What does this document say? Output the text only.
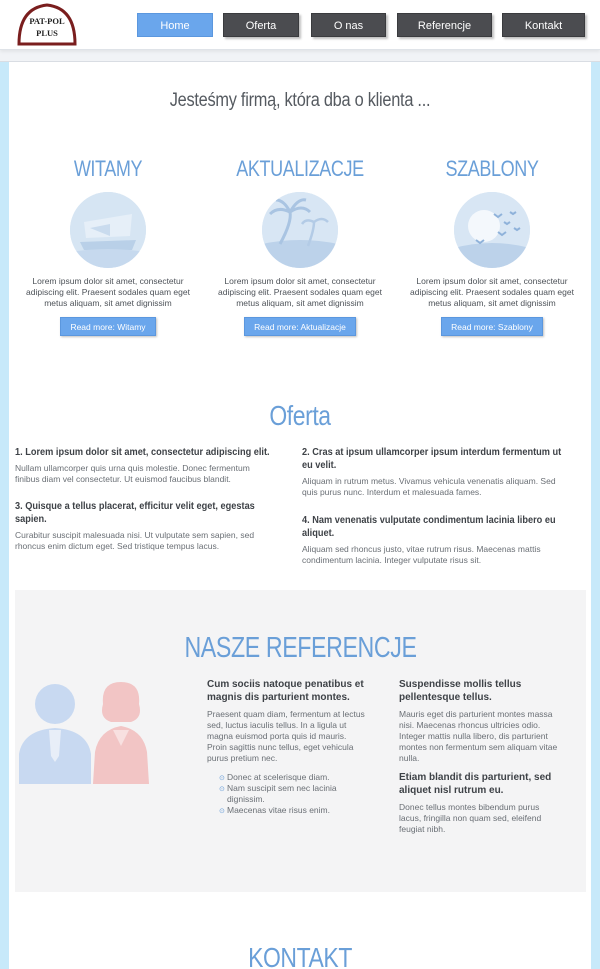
PAT-POL
PLUS
Home	Oferta	O nas	Referencje	Kontakt
Jesteśmy firmą, która dba o klienta ...
WITAMY
Lorem ipsum dolor sit amet, consectetur adipiscing elit. Praesent sodales quam eget metus aliquam, sit amet dignissim
Read more: Witamy
AKTUALIZACJE
Lorem ipsum dolor sit amet, consectetur adipiscing elit. Praesent sodales quam eget metus aliquam, sit amet dignissim
Read more: Aktualizacje
SZABLONY
Lorem ipsum dolor sit amet, consectetur adipiscing elit. Praesent sodales quam eget metus aliquam, sit amet dignissim
Read more: Szablony
Oferta
1. Lorem ipsum dolor sit amet, consectetur adipiscing elit.
Nullam ullamcorper quis urna quis molestie. Donec fermentum finibus diam vel consectetur. Ut euismod faucibus blandit.
2. Cras at ipsum ullamcorper ipsum interdum fermentum ut eu velit.
Aliquam in rutrum metus. Vivamus vehicula venenatis aliquam. Sed quis purus nunc. Interdum et malesuada fames.
3. Quisque a tellus placerat, efficitur velit eget, egestas sapien.
Curabitur suscipit malesuada nisi. Ut vulputate sem sapien, sed rhoncus enim dictum eget. Sed tristique tempus lacus.
4. Nam venenatis vulputate condimentum lacinia libero eu aliquet.
Aliquam sed rhoncus justo, vitae rutrum risus. Maecenas mattis condimentum lacinia. Integer vulputate risus sit.
NASZE REFERENCJE
Cum sociis natoque penatibus et magnis dis parturient montes.
Praesent quam diam, fermentum at lectus sed, luctus iaculis tellus. In a ligula ut magna euismod porta quis id mauris. Proin sagittis nunc tellus, eget vehicula purus pretium nec.
⊙ Donec at scelerisque diam.
⊙ Nam suscipit sem nec lacinia dignissim.
⊙ Maecenas vitae risus enim.
Suspendisse mollis tellus pellentesque tellus.
Mauris eget dis parturient montes massa nisi. Maecenas rhoncus ultricies odio. Integer mattis nulla libero, dis parturient montes non fermentum sem aliquam vitae nulla.
Etiam blandit dis parturient, sed aliquet nisl rutrum eu.
Donec tellus montes bibendum purus lacus, fringilla non quam sed, eleifend feugiat nibh.
KONTAKT
